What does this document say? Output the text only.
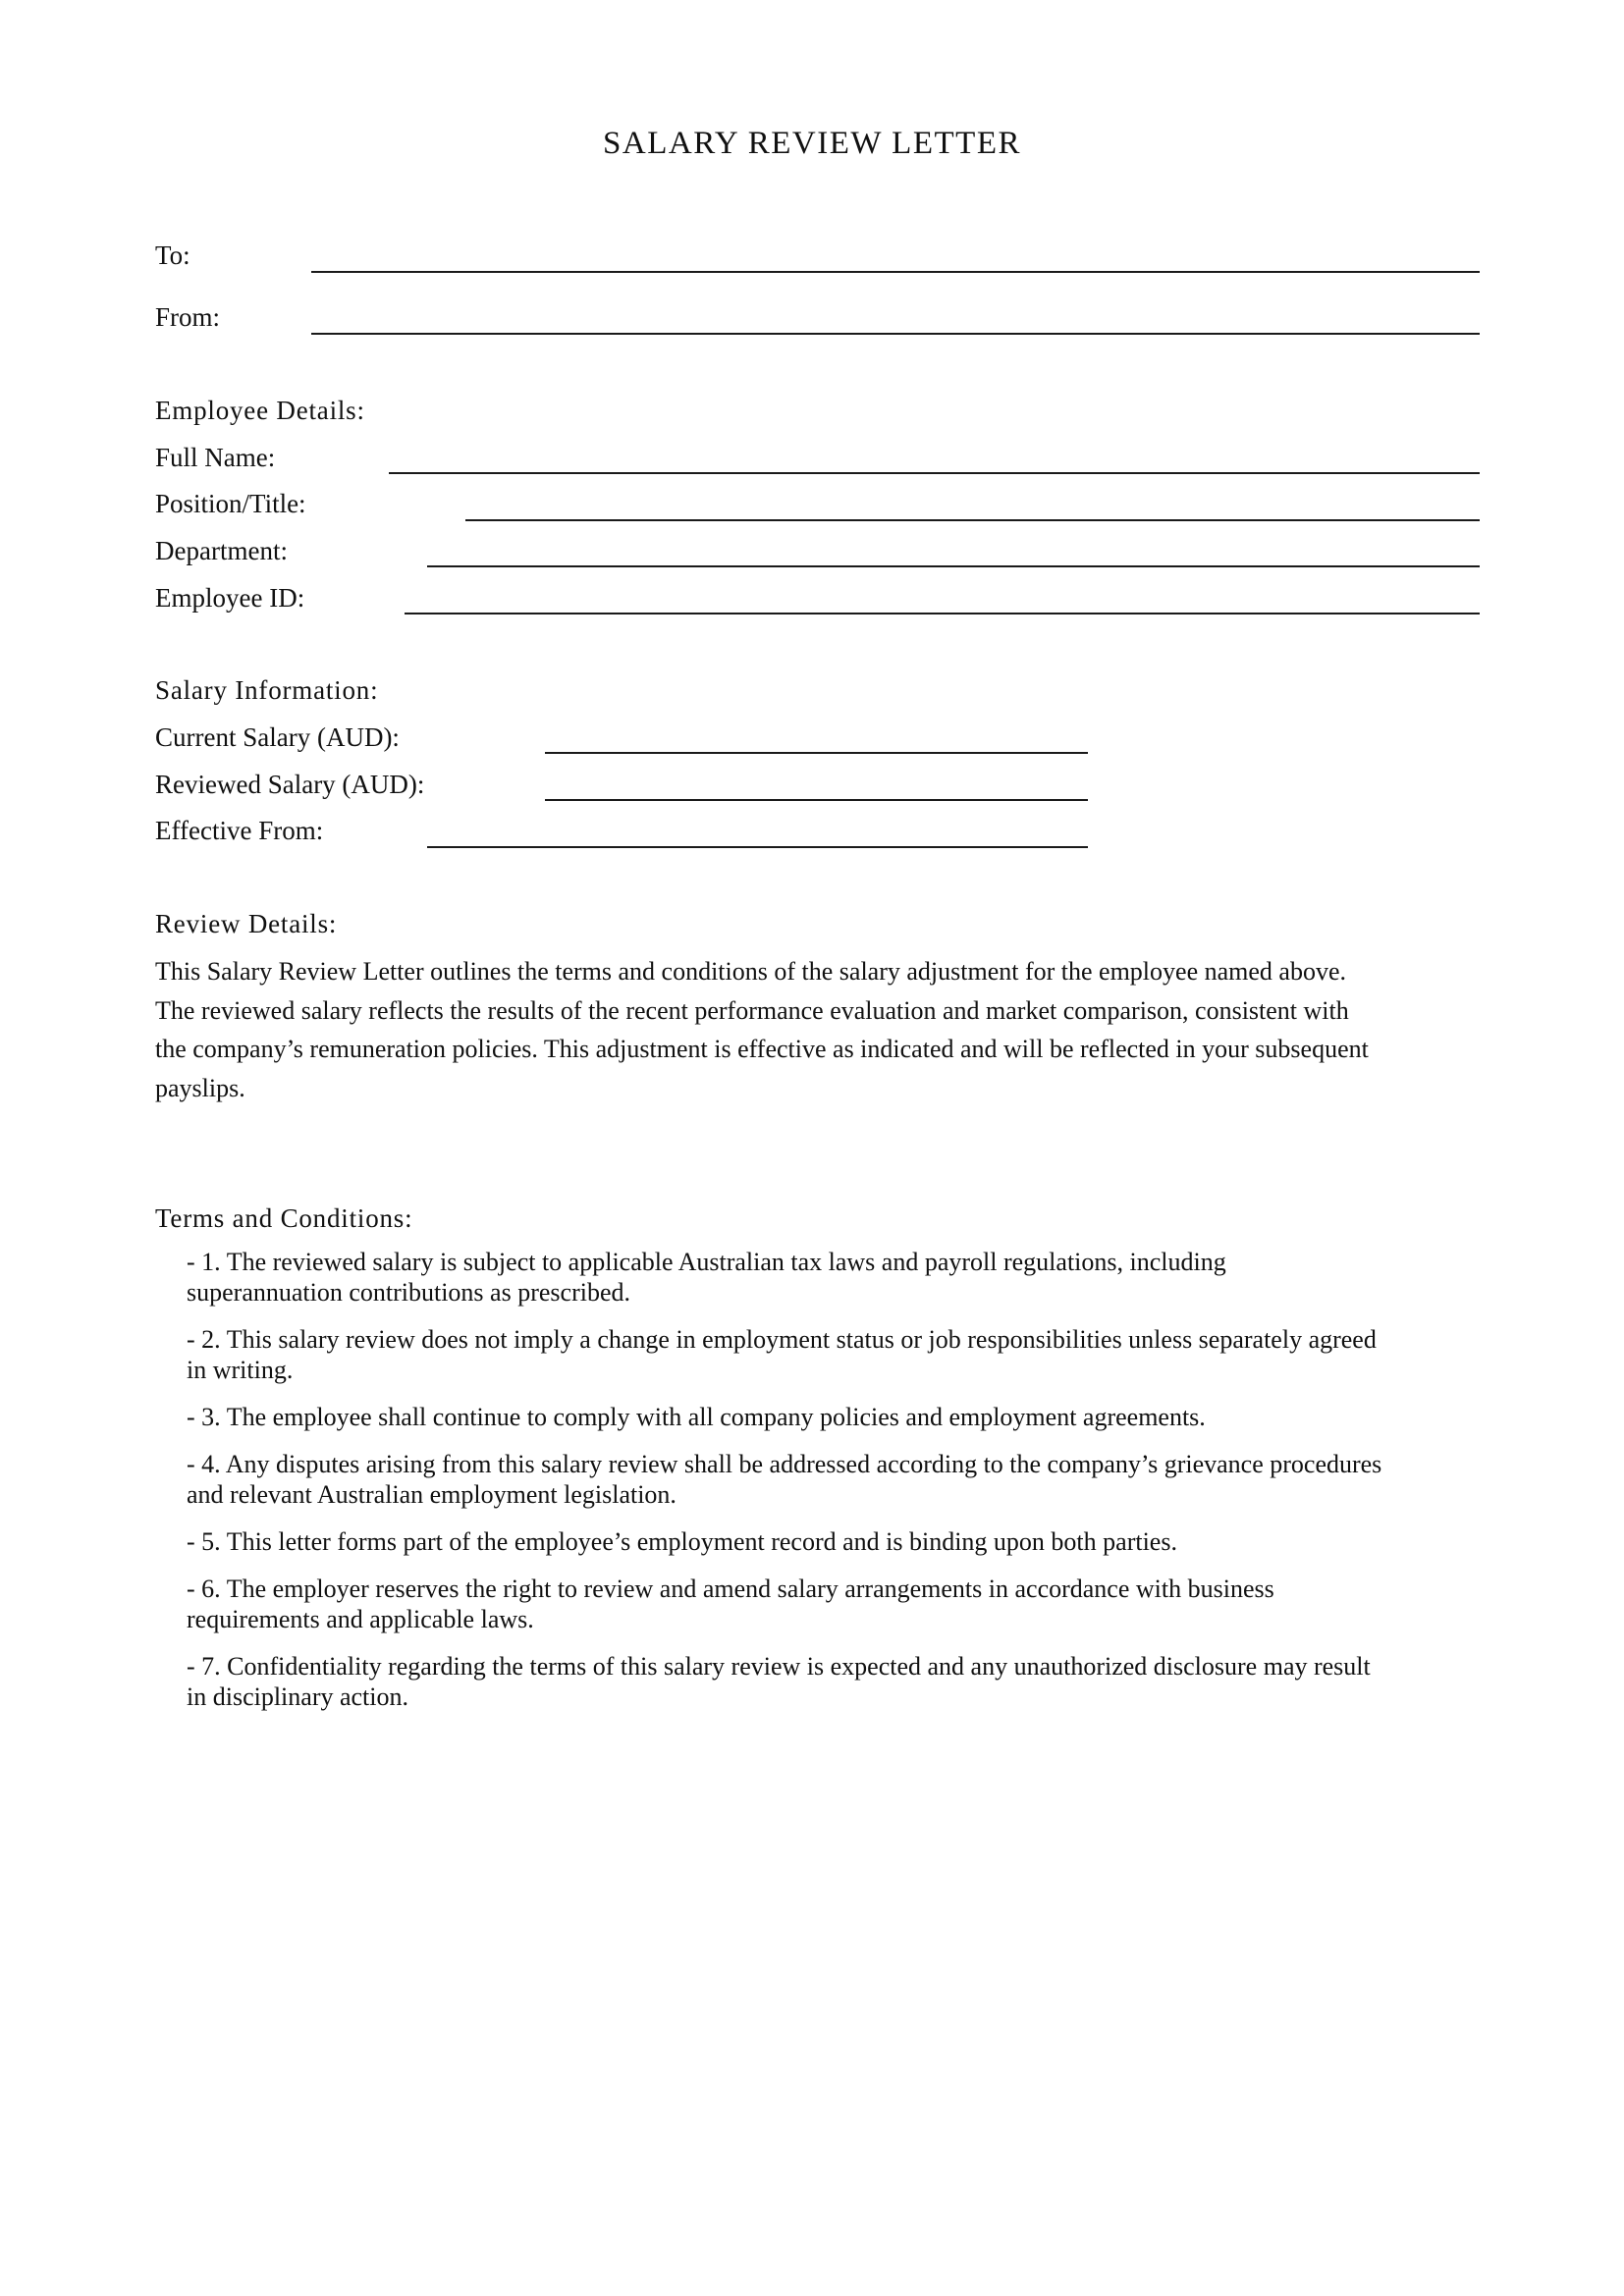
SALARY REVIEW LETTER
To:
From:
Employee Details:
Full Name:
Position/Title:
Department:
Employee ID:
Salary Information:
Current Salary (AUD):
Reviewed Salary (AUD):
Effective From:
Review Details:
This Salary Review Letter outlines the terms and conditions of the salary adjustment for the employee named above.
The reviewed salary reflects the results of the recent performance evaluation and market comparison, consistent with
the company’s remuneration policies. This adjustment is effective as indicated and will be reflected in your subsequent
payslips.
Terms and Conditions:
- 1. The reviewed salary is subject to applicable Australian tax laws and payroll regulations, including
superannuation contributions as prescribed.
- 2. This salary review does not imply a change in employment status or job responsibilities unless separately agreed
in writing.
- 3. The employee shall continue to comply with all company policies and employment agreements.
- 4. Any disputes arising from this salary review shall be addressed according to the company’s grievance procedures
and relevant Australian employment legislation.
- 5. This letter forms part of the employee’s employment record and is binding upon both parties.
- 6. The employer reserves the right to review and amend salary arrangements in accordance with business
requirements and applicable laws.
- 7. Confidentiality regarding the terms of this salary review is expected and any unauthorized disclosure may result
in disciplinary action.
